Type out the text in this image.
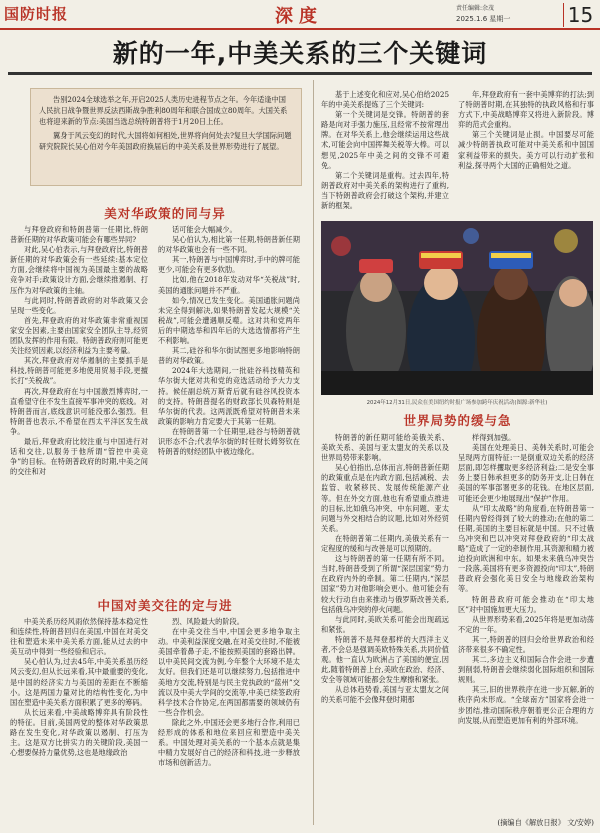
国防时报	深度	责任编辑:余茂
2025.1.6 星期一	15
新的一年,中美关系的三个关键词

告别2024全球选举之年,开启2025人类历史进程节点之年。今年适逢中国人民抗日战争暨世界反法西斯战争胜利80周年和联合国成立80周年。大国关系也将迎来新的节点:美国当选总统特朗普将于1月20日上任。

翼身于风云变幻的时代,大国将如何相处,世界将向何处去?复旦大学国际问题研究院院长吴心伯对今年美国政府换届后的中美关系及世界形势进行了展望。

美对华政策的同与异
中国对美交往的定与进
世界局势的缓与急

与拜登政府和特朗普第一任期比,特朗普新任期的对华政策可能会有哪些异同?

对此,吴心伯表示,与拜登政府比,特朗普新任期的对华政策会有一些延续:基本定位方面,会继续将中国视为美国最主要的战略竞争对手;政策设计方面,会继续推遏制、打压作为对华政策的主轴。

与此同时,特朗普政府的对华政策又会呈现一些变化。

首先,拜登政府的对华政策非常重视国家安全因素,主要由国家安全团队主导,经贸团队发挥的作用有限。特朗普政府则可能更关注经贸因素,以经济利益为主要考量。

其次,拜登政府对华遏制的主要抓手是科技,特朗普可能更多地使用贸易手段,更擅长打“关税战”。

再次,拜登政府在与中国激烈博弈时,一直希望守住不发生直接军事冲突的底线。对特朗普而言,底线意识可能没那么强烈。但特朗普也表示,不希望在西太平洋区发生战争。

最后,拜登政府比较注重与中国进行对话和交往,以服务于他所谓“管控中美竞争”的目标。在特朗普政府的时期,中美之间的交往和对

话可能会大幅减少。

吴心伯认为,相比第一任期,特朗普新任期的对华政策也会有一些不同。

其一,特朗普与中国博弈时,手中的牌可能更少,可能会有更多软肋。

比如,他在2018年发动对华“关税战”时,美国的通胀问题并不严重。

如今,情况已发生变化。美国通胀问题尚未完全得到解决,如果特朗普发起大规模“关税战”,可能会遭遇顺反噬。这对共和党两年后的中期选举和四年后的大选选情都将产生不利影响。

其二,硅谷和华尔街试图更多地影响特朗普的对华政策。

2024年大选期间,一批硅谷科技精英和华尔街大佬对共和党的竞选活动给予大力支持。候任副总统万斯背后就有硅谷风投资本的支持。特朗普提名的财政部长贝森特则是华尔街的代表。这两派既希望对特朗普未来政策的影响力肯定要大于其第一任期。

在特朗普第一个任期里,硅谷与特朗普就识形态不合;代表华尔街的时任财长姆努钦在特朗普的财经团队中被边缘化。

中美关系历经风雨依然保持基本稳定性和连续性,特朗普回归在美国,中国在对美交往和塑造未来中美关系方面,能从过去的中美互动中得到一些经验和启示。

吴心伯认为,过去45年,中美关系虽历经风云变幻,但从长远来看,其中最重要的变化,是中国的经济实力与美国的差距在不断缩小。这是两国力量对比的结构性变化,为中国在塑造中美关系方面积累了更多的筹码。

从长远来看,中美战略博弈具有阶段性的特征。目前,美国两党的整体对华政策思路在发生变化,对华政策以遏制、打压为主。这是双方比拼实力的关键阶段,美国一心想要保持力量优势,这也是地缘政治

烈、风险最大的阶段。

在中美交往当中,中国会更多地争取主动。中美利益深度交融,在对美交往时,不能被美国牵着鼻子走,不能按照美国的套路出牌。以中美民间交流为例,今年整个大环境不是太友好。但我们还是可以继续努力,包括推进中美地方交流,特别是与民主党执政的“蓝州”交流以及中美大学间的交流等,中美已续签政府科学技术合作协定,在两国都需要的领域仍有一些合作机会。

除此之外,中国还会更多地行合作,利用已经形成的体系和地位来回应和塑造中美关系。中国处理对美关系的一个基本点就是集中精力发展好自己的经济和科技,进一步释放市场和创新活力。

基于上述变化和应对,吴心伯给2025年的中美关系提炼了三个关键词:

第一个关键词是交锋。特朗普的套路是向对手强力施压,且经常不按常理出牌。在对华关系上,他会继续运用这些战术,可能会向中国挥舞关税等大棒。可以想见,2025年中美之间的交锋不可避免。

第二个关键词是重构。过去四年,特朗普政府对中美关系的架构进行了重构,当下特朗普政府会打破这个架构,并建立新的框架。

年,拜登政府有一套中美博弈的打法;到了特朗普时期,在其独特的执政风格和行事方式下,中美战略博弈又将进入新阶段。博弈的范式会重构。

第三个关键词是止损。中国要尽可能减少特朗普执政可能对中美关系和中国国家利益带来的损失。美方可以行动扩张和利益,探寻两个大国的正确相处之道。

2024年12月31日,民众在美国纽约时报广场参加跨年庆祝活动(图源:新华社)

特朗普的新任期可能给美俄关系、美欧关系、美国与亚太盟友的关系以及世界局势带来影响。

吴心伯指出,总体而言,特朗普新任期的政策重点是在内政方面,包括减税、去监管、收紧移民、发展传统能源产业等。但在外交方面,他也有希望重点推进的目标,比如俄乌冲突、中东问题、亚太问题与外交相结合的议题,比如对外经贸关系。

在特朗普第二任期内,美俄关系有一定程度的缓和与改善是可以预期的。

这与特朗普的第一任期有所不同。当时,特朗普受到了所谓“深层国家”势力在政府内外的牵制。第二任期内,“深层国家”势力对他影响会更小。他可能会有较大行动自由来推动与俄罗斯改善关系,包括俄乌冲突的停火问题。

与此同时,美欧关系可能会出现疏远和紧张。

特朗普不是拜登那样的大西洋主义者,不会总是强调美欧特殊关系,共同价值观。他一直认为欧洲占了美国的便宜,因此,随着特朗普上台,美欧在政治、经济、安全等领域可能都会发生摩擦和紧张。

从总体趋势看,美国与亚太盟友之间的关系可能不会像拜登时期那

样得到加强。

美国在处理美日、美韩关系时,可能会呈现两方面特征:一是倒重双边关系的经济层面,即怎样攫取更多经济利益;二是安全事务上要日韩承担更多的防务开支,让日韩在美国的军事部署更多的花钱。在地区层面,可能还会更少地展现出“保护”作用。

从“印太战略”的角度看,在特朗普第一任期内曾经得到了较大的推动;在他的第二任期,美国的主要目标就是中国。只不过俄乌冲突和巴以冲突对拜登政府的“印太战略”造成了一定的牵制作用,其资源和精力被迫投向欧洲和中东。如果未来俄乌冲突告一段落,美国将有更多资源投向“印太”,特朗普政府会强化美日安全与地缘政治架构等。

特朗普政府可能会推动在“印太地区”对中国施加更大压力。

从世界形势来看,2025年将是更加动荡不定的一年。

其一,特朗普的回归会给世界政治和经济带来很多不确定性。

其二,多边主义和国际合作会进一步遭到削弱,特朗普会继续弱化国际组织和国际规则。

其三,旧的世界秩序在进一步瓦解,新的秩序尚未形成。“全球南方”国家将会进一步团结,推动国际秩序朝着更公正合理的方向发展,从而塑造更加有利的外部环境。

(摘编自《解放日报》 文/安婷)
